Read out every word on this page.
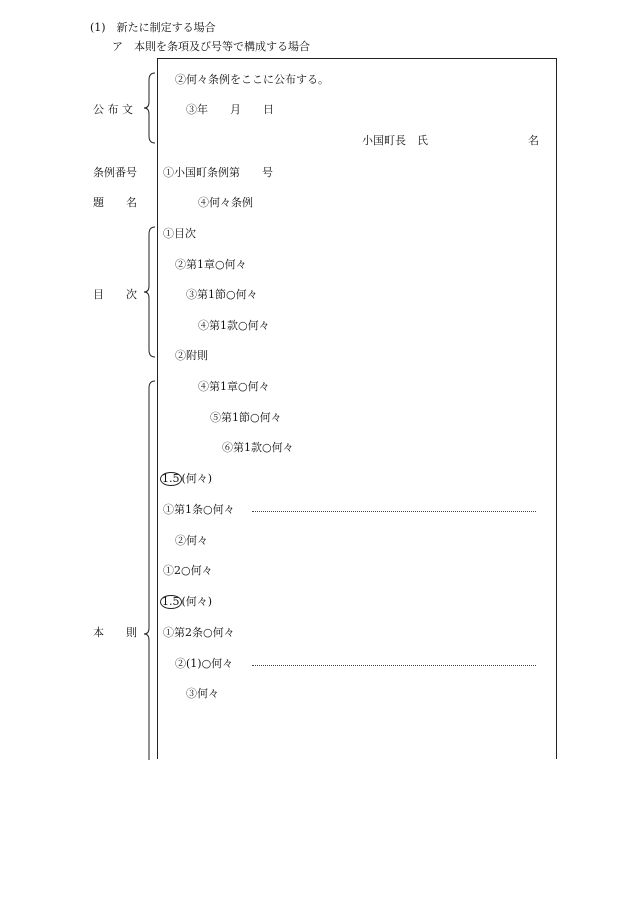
(1)　新たに制定する場合
ア　本則を条項及び号等で構成する場合
公 布 文
条例番号
題　　名
目　　次
本　　則
②何々条例をここに公布する。
③年　　月　　日
小国町長　氏	名
①小国町条例第　　号
④何々条例
①目次
②第1章○何々
③第1節○何々
④第1款○何々
②附則
④第1章○何々
⑤第1節○何々
⑥第1款○何々
1.5 (何々)
①第1条○何々
②何々
①2○何々
1.5 (何々)
①第2条○何々
②(1)○何々
③何々
